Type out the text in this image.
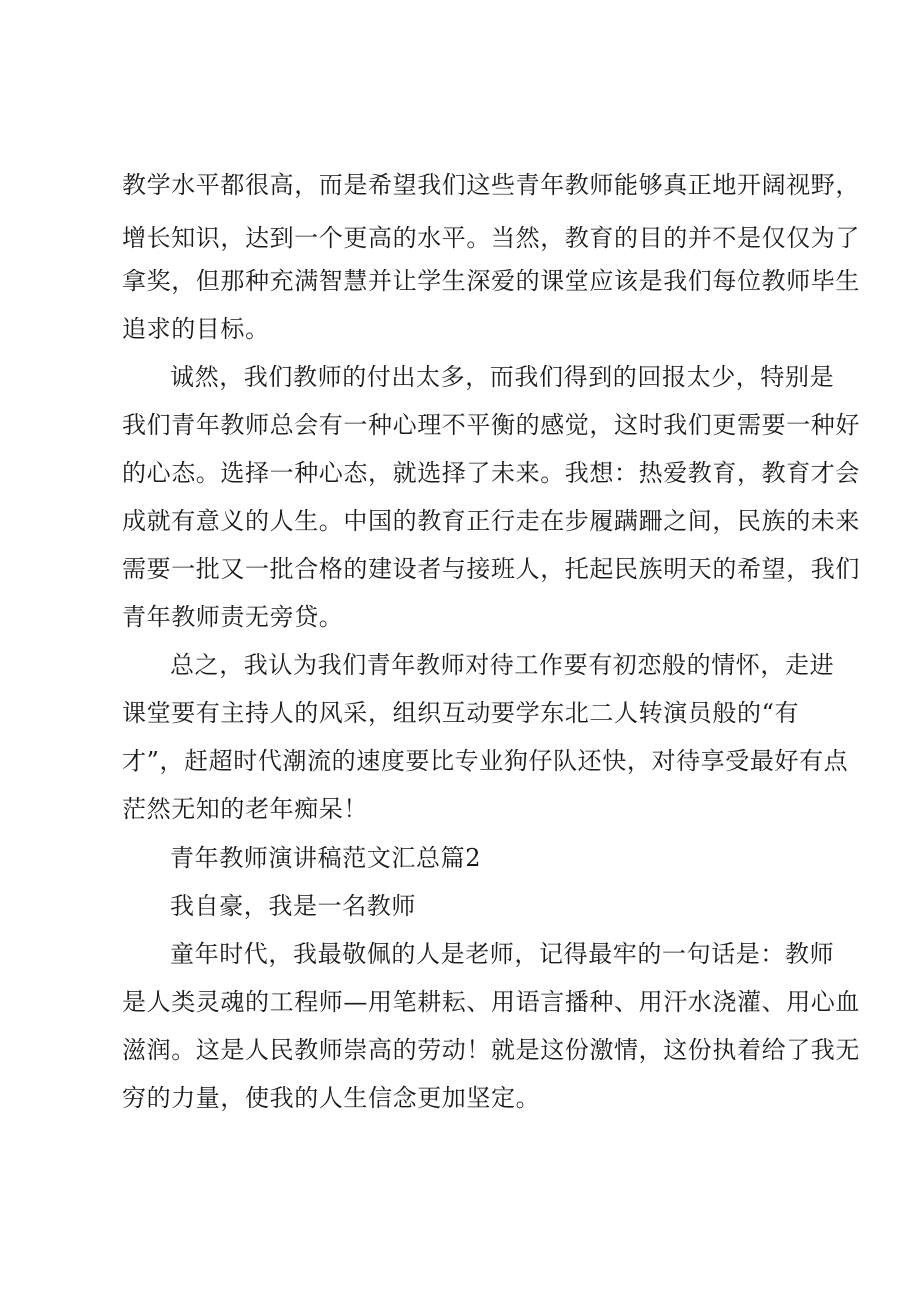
教学水平都很高，而是希望我们这些青年教师能够真正地开阔视野，
增长知识，达到一个更高的水平。当然，教育的目的并不是仅仅为了
拿奖，但那种充满智慧并让学生深爱的课堂应该是我们每位教师毕生
追求的目标。
诚然，我们教师的付出太多，而我们得到的回报太少，特别是
我们青年教师总会有一种心理不平衡的感觉，这时我们更需要一种好
的心态。选择一种心态，就选择了未来。我想：热爱教育，教育才会
成就有意义的人生。中国的教育正行走在步履蹒跚之间，民族的未来
需要一批又一批合格的建设者与接班人，托起民族明天的希望，我们
青年教师责无旁贷。
总之，我认为我们青年教师对待工作要有初恋般的情怀，走进
课堂要有主持人的风采，组织互动要学东北二人转演员般的“有
才”，赶超时代潮流的速度要比专业狗仔队还快，对待享受最好有点
茫然无知的老年痴呆！
青年教师演讲稿范文汇总篇2
我自豪，我是一名教师
童年时代，我最敬佩的人是老师，记得最牢的一句话是：教师
是人类灵魂的工程师—用笔耕耘、用语言播种、用汗水浇灌、用心血
滋润。这是人民教师崇高的劳动！就是这份激情，这份执着给了我无
穷的力量，使我的人生信念更加坚定。
